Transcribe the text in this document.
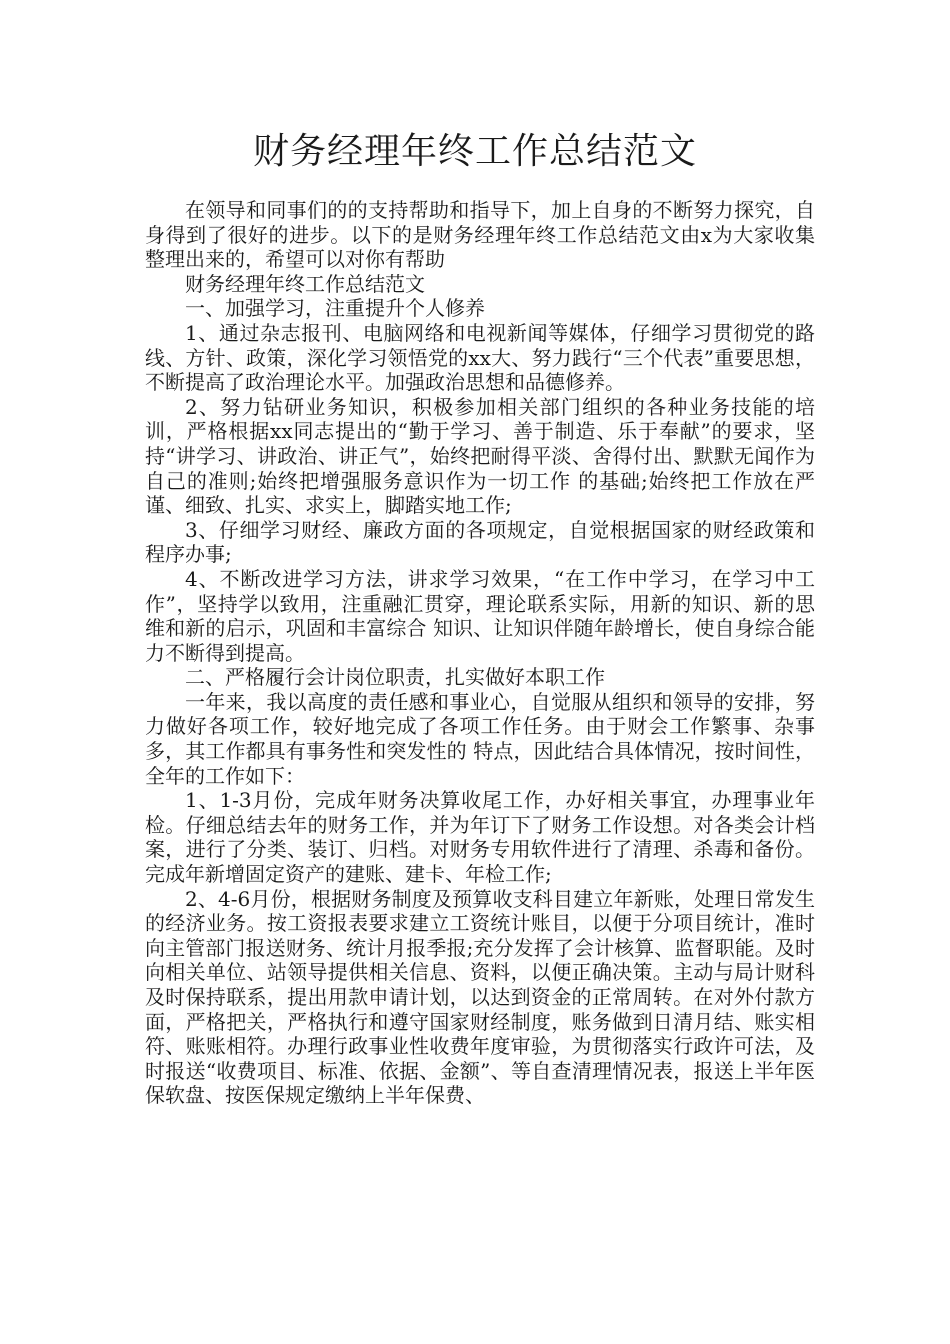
财务经理年终工作总结范文

在领导和同事们的的支持帮助和指导下，加上自身的不断努力探究，自身得到了很好的进步。以下的是财务经理年终工作总结范文由x为大家收集整理出来的，希望可以对你有帮助

财务经理年终工作总结范文

一、加强学习，注重提升个人修养

1、通过杂志报刊、电脑网络和电视新闻等媒体，仔细学习贯彻党的路线、方针、政策，深化学习领悟党的xx大、努力践行“三个代表”重要思想，不断提高了政治理论水平。加强政治思想和品德修养。

2、努力钻研业务知识，积极参加相关部门组织的各种业务技能的培训，严格根据xx同志提出的“勤于学习、善于制造、乐于奉献”的要求，坚持“讲学习、讲政治、讲正气”，始终把耐得平淡、舍得付出、默默无闻作为自己的准则;始终把增强服务意识作为一切工作 的基础;始终把工作放在严谨、细致、扎实、求实上，脚踏实地工作;

3、仔细学习财经、廉政方面的各项规定，自觉根据国家的财经政策和程序办事;

4、不断改进学习方法，讲求学习效果，“在工作中学习，在学习中工作”，坚持学以致用，注重融汇贯穿，理论联系实际，用新的知识、新的思维和新的启示，巩固和丰富综合 知识、让知识伴随年龄增长，使自身综合能力不断得到提高。

二、严格履行会计岗位职责，扎实做好本职工作

一年来，我以高度的责任感和事业心，自觉服从组织和领导的安排，努力做好各项工作，较好地完成了各项工作任务。由于财会工作繁事、杂事多，其工作都具有事务性和突发性的 特点，因此结合具体情况，按时间性，全年的工作如下：

1、1-3月份，完成年财务决算收尾工作，办好相关事宜，办理事业年检。仔细总结去年的财务工作，并为年订下了财务工作设想。对各类会计档案，进行了分类、装订、归档。对财务专用软件进行了清理、杀毒和备份。完成年新增固定资产的建账、建卡、年检工作;

2、4-6月份，根据财务制度及预算收支科目建立年新账，处理日常发生的经济业务。按工资报表要求建立工资统计账目，以便于分项目统计，准时向主管部门报送财务、统计月报季报;充分发挥了会计核算、监督职能。及时向相关单位、站领导提供相关信息、资料，以便正确决策。主动与局计财科及时保持联系，提出用款申请计划，以达到资金的正常周转。在对外付款方面，严格把关，严格执行和遵守国家财经制度，账务做到日清月结、账实相符、账账相符。办理行政事业性收费年度审验，为贯彻落实行政许可法，及时报送“收费项目、标准、依据、金额”、等自查清理情况表，报送上半年医保软盘、按医保规定缴纳上半年保费、
